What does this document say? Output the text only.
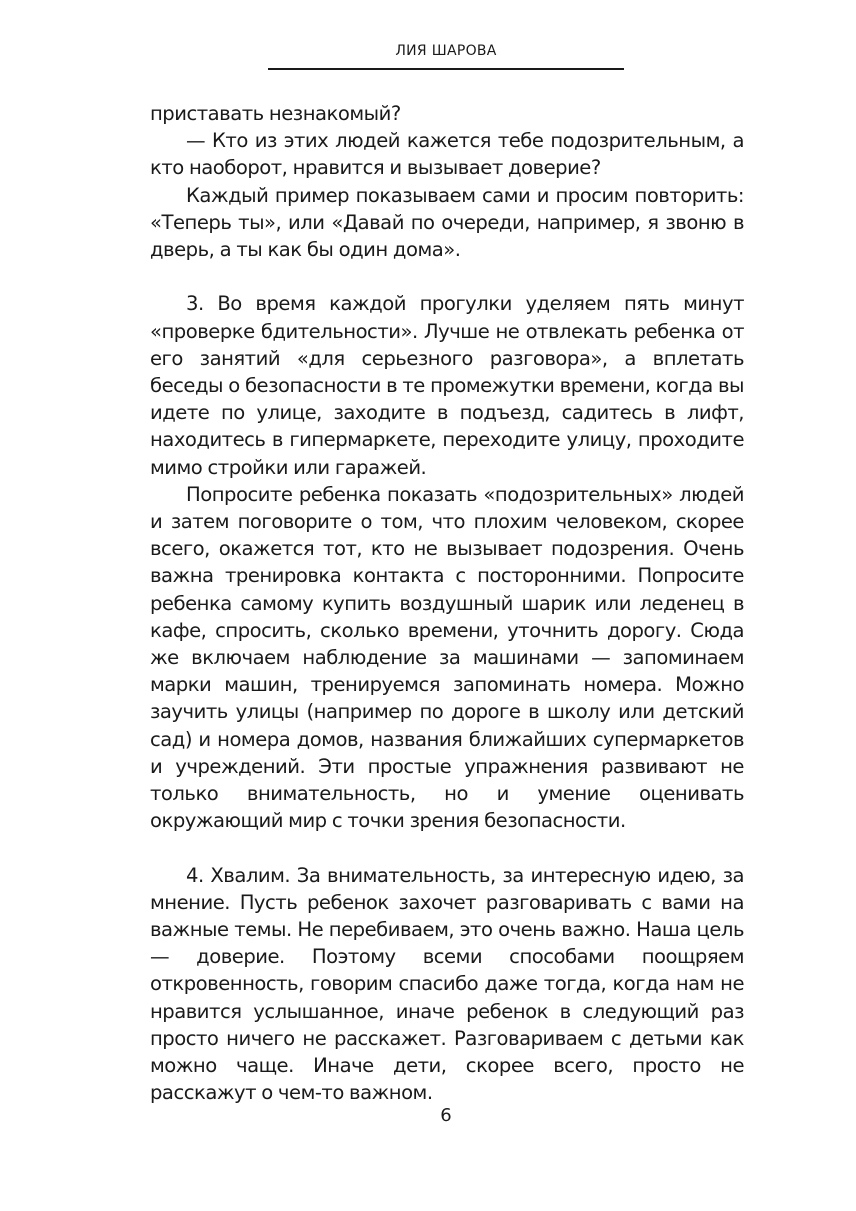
ЛИЯ ШАРОВА

приставать незнакомый?

— Кто из этих людей кажется тебе подозрительным, а кто наоборот, нравится и вызывает доверие?

Каждый пример показываем сами и просим повторить: «Теперь ты», или «Давай по очереди, например, я звоню в дверь, а ты как бы один дома».

3. Во время каждой прогулки уделяем пять минут «проверке бдительности». Лучше не отвлекать ребенка от его занятий «для серьезного разговора», а вплетать беседы о безопасности в те промежутки времени, когда вы идете по улице, заходите в подъезд, садитесь в лифт, находитесь в гипермаркете, переходите улицу, проходите мимо стройки или гаражей.

Попросите ребенка показать «подозрительных» людей и затем поговорите о том, что плохим человеком, скорее всего, окажется тот, кто не вызывает подозрения. Очень важна тренировка контакта с посторонними. Попросите ребенка самому купить воздушный шарик или леденец в кафе, спросить, сколько времени, уточнить дорогу. Сюда же включаем наблюдение за машинами — запоминаем марки машин, тренируемся запоминать номера. Можно заучить улицы (например по дороге в школу или детский сад) и номера домов, названия ближайших супермаркетов и учреждений. Эти простые упражнения развивают не только внимательность, но и умение оценивать окружающий мир с точки зрения безопасности.

4. Хвалим. За внимательность, за интересную идею, за мнение. Пусть ребенок захочет разговаривать с вами на важные темы. Не перебиваем, это очень важно. Наша цель — доверие. Поэтому всеми способами поощряем откровенность, говорим спасибо даже тогда, когда нам не нравится услышанное, иначе ребенок в следующий раз просто ничего не расскажет. Разговариваем с детьми как можно чаще. Иначе дети, скорее всего, просто не расскажут о чем-то важном.

6
